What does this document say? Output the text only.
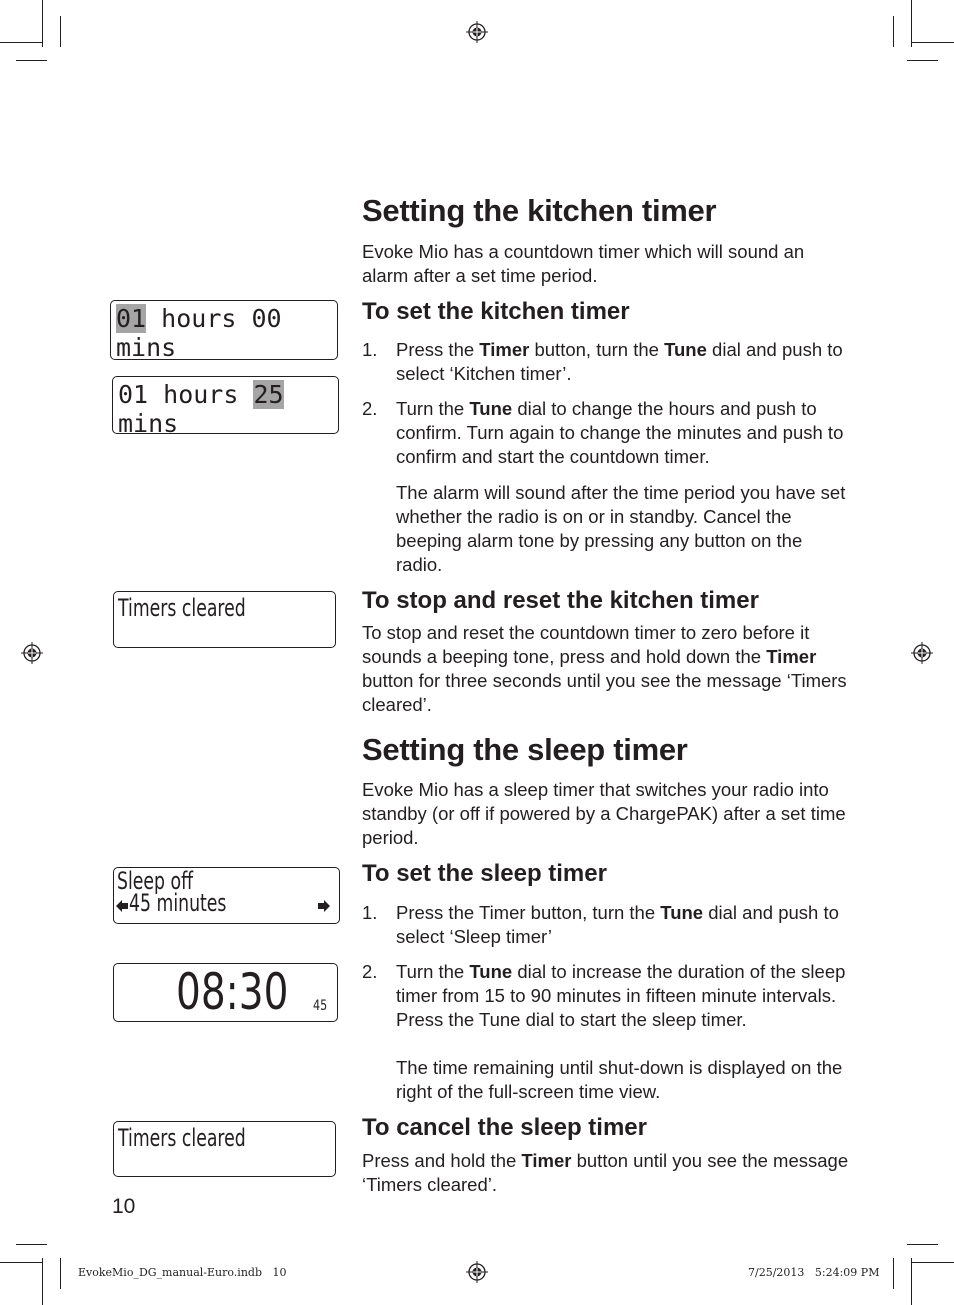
Setting the kitchen timer

Evoke Mio has a countdown timer which will sound an alarm after a set time period.

To set the kitchen timer
1. Press the Timer button, turn the Tune dial and push to select ‘Kitchen timer’.
2. Turn the Tune dial to change the hours and push to confirm. Turn again to change the minutes and push to confirm and start the countdown timer.

The alarm will sound after the time period you have set whether the radio is on or in standby. Cancel the beeping alarm tone by pressing any button on the radio.

To stop and reset the kitchen timer

To stop and reset the countdown timer to zero before it sounds a beeping tone, press and hold down the Timer button for three seconds until you see the message ‘Timers cleared’.

Setting the sleep timer

Evoke Mio has a sleep timer that switches your radio into standby (or off if powered by a ChargePAK) after a set time period.

To set the sleep timer
1. Press the Timer button, turn the Tune dial and push to select ‘Sleep timer’
2. Turn the Tune dial to increase the duration of the sleep timer from 15 to 90 minutes in fifteen minute intervals. Press the Tune dial to start the sleep timer.

The time remaining until shut-down is displayed on the right of the full-screen time view.

To cancel the sleep timer

Press and hold the Timer button until you see the message ‘Timers cleared’.

01 hours 00 mins
01 hours 25 mins
Timers cleared
Sleep off
45 minutes
08:30 45
Timers cleared
10
EvokeMio_DG_manual-Euro.indb   10	7/25/2013   5:24:09 PM
